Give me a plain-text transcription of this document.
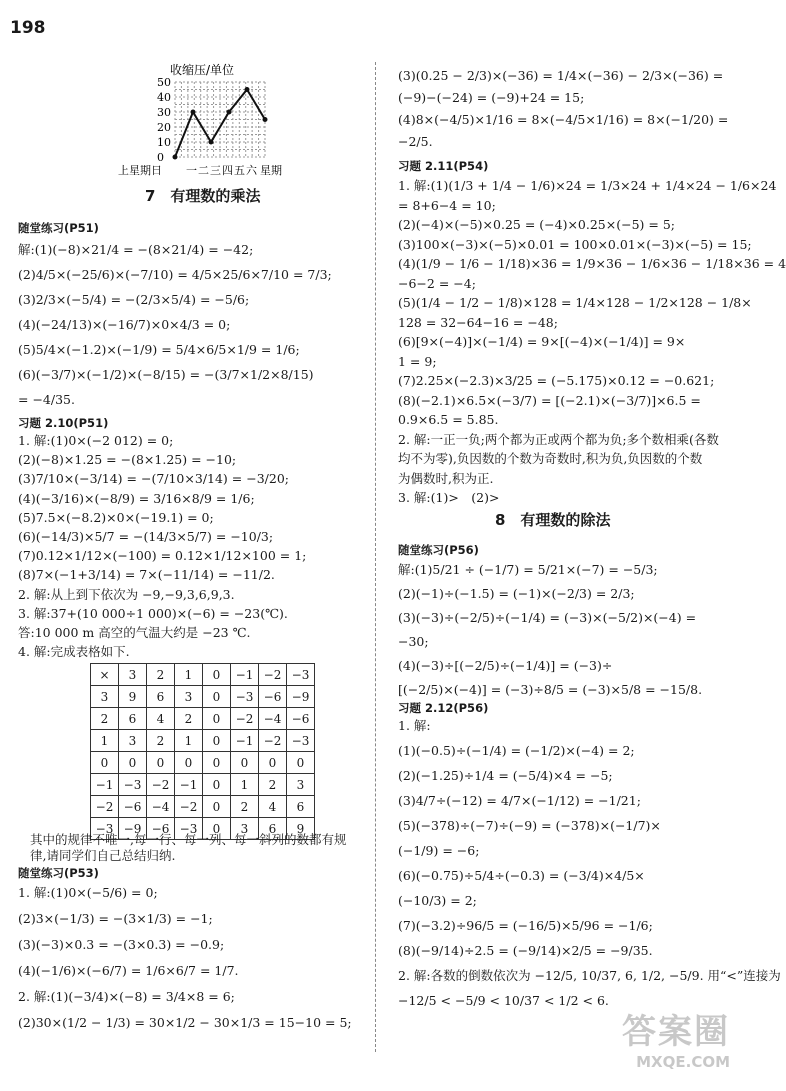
198
收缩压/单位
50
40
30
20
10
0
上星期日 一 二 三 四 五 六 星期
7　有理数的乘法
随堂练习(P51)
解:(1)(−8)×21/4 = −(8×21/4) = −42;
(2)4/5×(−25/6)×(−7/10) = 4/5×25/6×7/10 = 7/3;
(3)2/3×(−5/4) = −(2/3×5/4) = −5/6;
(4)(−24/13)×(−16/7)×0×4/3 = 0;
(5)5/4×(−1.2)×(−1/9) = 5/4×6/5×1/9 = 1/6;
(6)(−3/7)×(−1/2)×(−8/15) = −(3/7×1/2×8/15)
= −4/35.
习题 2.10(P51)
1. 解:(1)0×(−2 012) = 0;
(2)(−8)×1.25 = −(8×1.25) = −10;
(3)7/10×(−3/14) = −(7/10×3/14) = −3/20;
(4)(−3/16)×(−8/9) = 3/16×8/9 = 1/6;
(5)7.5×(−8.2)×0×(−19.1) = 0;
(6)(−14/3)×5/7 = −(14/3×5/7) = −10/3;
(7)0.12×1/12×(−100) = 0.12×1/12×100 = 1;
(8)7×(−1+3/14) = 7×(−11/14) = −11/2.
2. 解:从上到下依次为 −9,−9,3,6,9,3.
3. 解:37+(10 000÷1 000)×(−6) = −23(℃).
答:10 000 m 高空的气温大约是 −23 ℃.
4. 解:完成表格如下.
×	3	2	1	0	−1	−2	−3
3	9	6	3	0	−3	−6	−9
2	6	4	2	0	−2	−4	−6
1	3	2	1	0	−1	−2	−3
0	0	0	0	0	0	0	0
−1	−3	−2	−1	0	1	2	3
−2	−6	−4	−2	0	2	4	6
−3	−9	−6	−3	0	3	6	9
其中的规律不唯一,每一行、每一列、每一斜列的数都有规
律,请同学们自己总结归纳.
随堂练习(P53)
1. 解:(1)0×(−5/6) = 0;
(2)3×(−1/3) = −(3×1/3) = −1;
(3)(−3)×0.3 = −(3×0.3) = −0.9;
(4)(−1/6)×(−6/7) = 1/6×6/7 = 1/7.
2. 解:(1)(−3/4)×(−8) = 3/4×8 = 6;
(2)30×(1/2 − 1/3) = 30×1/2 − 30×1/3 = 15−10 = 5;
(3)(0.25 − 2/3)×(−36) = 1/4×(−36) − 2/3×(−36) =
(−9)−(−24) = (−9)+24 = 15;
(4)8×(−4/5)×1/16 = 8×(−4/5×1/16) = 8×(−1/20) =
−2/5.
习题 2.11(P54)
1. 解:(1)(1/3 + 1/4 − 1/6)×24 = 1/3×24 + 1/4×24 − 1/6×24
= 8+6−4 = 10;
(2)(−4)×(−5)×0.25 = (−4)×0.25×(−5) = 5;
(3)100×(−3)×(−5)×0.01 = 100×0.01×(−3)×(−5) = 15;
(4)(1/9 − 1/6 − 1/18)×36 = 1/9×36 − 1/6×36 − 1/18×36 = 4
−6−2 = −4;
(5)(1/4 − 1/2 − 1/8)×128 = 1/4×128 − 1/2×128 − 1/8×
128 = 32−64−16 = −48;
(6)[9×(−4)]×(−1/4) = 9×[(−4)×(−1/4)] = 9×
1 = 9;
(7)2.25×(−2.3)×3/25 = (−5.175)×0.12 = −0.621;
(8)(−2.1)×6.5×(−3/7) = [(−2.1)×(−3/7)]×6.5 =
0.9×6.5 = 5.85.
2. 解:一正一负;两个都为正或两个都为负;多个数相乘(各数
均不为零),负因数的个数为奇数时,积为负,负因数的个数
为偶数时,积为正.
3. 解:(1)>　(2)>
8　有理数的除法
随堂练习(P56)
解:(1)5/21 ÷ (−1/7) = 5/21×(−7) = −5/3;
(2)(−1)÷(−1.5) = (−1)×(−2/3) = 2/3;
(3)(−3)÷(−2/5)÷(−1/4) = (−3)×(−5/2)×(−4) =
−30;
(4)(−3)÷[(−2/5)÷(−1/4)] = (−3)÷
[(−2/5)×(−4)] = (−3)÷8/5 = (−3)×5/8 = −15/8.
习题 2.12(P56)
1. 解:
(1)(−0.5)÷(−1/4) = (−1/2)×(−4) = 2;
(2)(−1.25)÷1/4 = (−5/4)×4 = −5;
(3)4/7÷(−12) = 4/7×(−1/12) = −1/21;
(5)(−378)÷(−7)÷(−9) = (−378)×(−1/7)×
(−1/9) = −6;
(6)(−0.75)÷5/4÷(−0.3) = (−3/4)×4/5×
(−10/3) = 2;
(7)(−3.2)÷96/5 = (−16/5)×5/96 = −1/6;
(8)(−9/14)÷2.5 = (−9/14)×2/5 = −9/35.
2. 解:各数的倒数依次为 −12/5, 10/37, 6, 1/2, −5/9. 用“<”连接为
−12/5 < −5/9 < 10/37 < 1/2 < 6.
答案圈
MXQE.COM
